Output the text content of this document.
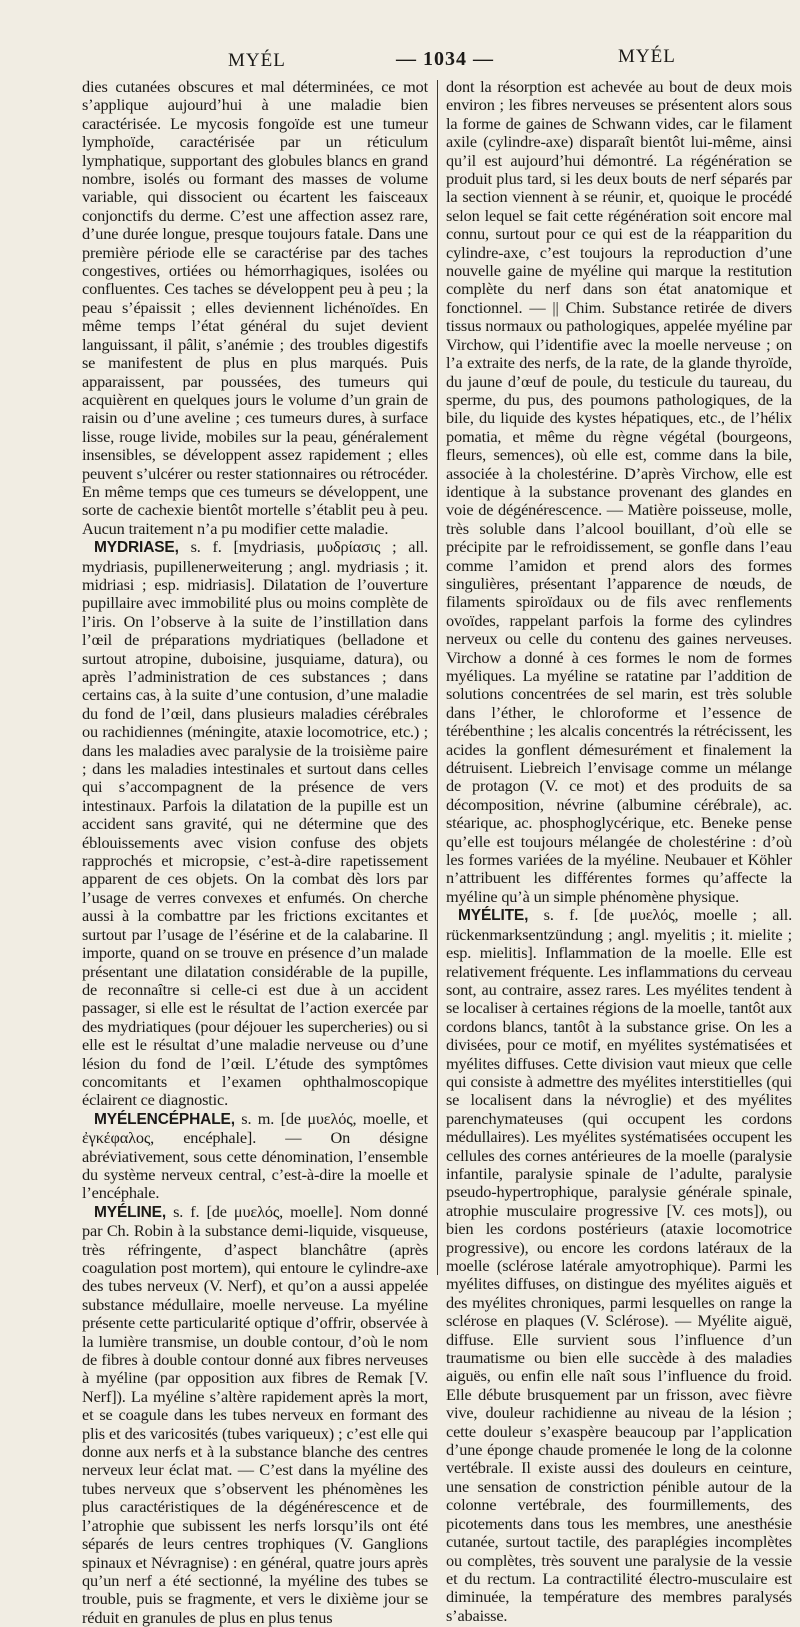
MYÉL	— 1034 —	MYÉL

dies cutanées obscures et mal déterminées, ce mot s’applique aujourd’hui à une maladie bien caractérisée. Le mycosis fongoïde est une tumeur lymphoïde, caractérisée par un réticulum lymphatique, supportant des globules blancs en grand nombre, isolés ou formant des masses de volume variable, qui dissocient ou écartent les faisceaux conjonctifs du derme. C’est une affection assez rare, d’une durée longue, presque toujours fatale. Dans une première période elle se caractérise par des taches congestives, ortiées ou hémorrhagiques, isolées ou confluentes. Ces taches se développent peu à peu ; la peau s’épaissit ; elles deviennent lichénoïdes. En même temps l’état général du sujet devient languissant, il pâlit, s’anémie ; des troubles digestifs se manifestent de plus en plus marqués. Puis apparaissent, par poussées, des tumeurs qui acquièrent en quelques jours le volume d’un grain de raisin ou d’une aveline ; ces tumeurs dures, à surface lisse, rouge livide, mobiles sur la peau, généralement insensibles, se développent assez rapidement ; elles peuvent s’ulcérer ou rester stationnaires ou rétrocéder. En même temps que ces tumeurs se développent, une sorte de cachexie bientôt mortelle s’établit peu à peu. Aucun traitement n’a pu modifier cette maladie.

MYDRIASE, s. f. [mydriasis, μυδρίασις ; all. mydriasis, pupillenerweiterung ; angl. mydriasis ; it. midriasi ; esp. midriasis]. Dilatation de l’ouverture pupillaire avec immobilité plus ou moins complète de l’iris. On l’observe à la suite de l’instillation dans l’œil de préparations mydriatiques (belladone et surtout atropine, duboisine, jusquiame, datura), ou après l’administration de ces substances ; dans certains cas, à la suite d’une contusion, d’une maladie du fond de l’œil, dans plusieurs maladies cérébrales ou rachidiennes (méningite, ataxie locomotrice, etc.) ; dans les maladies avec paralysie de la troisième paire ; dans les maladies intestinales et surtout dans celles qui s’accompagnent de la présence de vers intestinaux. Parfois la dilatation de la pupille est un accident sans gravité, qui ne détermine que des éblouissements avec vision confuse des objets rapprochés et micropsie, c’est-à-dire rapetissement apparent de ces objets. On la combat dès lors par l’usage de verres convexes et enfumés. On cherche aussi à la combattre par les frictions excitantes et surtout par l’usage de l’ésérine et de la calabarine. Il importe, quand on se trouve en présence d’un malade présentant une dilatation considérable de la pupille, de reconnaître si celle-ci est due à un accident passager, si elle est le résultat de l’action exercée par des mydriatiques (pour déjouer les supercheries) ou si elle est le résultat d’une maladie nerveuse ou d’une lésion du fond de l’œil. L’étude des symptômes concomitants et l’examen ophthalmoscopique éclairent ce diagnostic.

MYÉLENCÉPHALE, s. m. [de μυελός, moelle, et ἐγκέφαλος, encéphale]. — On désigne abréviativement, sous cette dénomination, l’ensemble du système nerveux central, c’est-à-dire la moelle et l’encéphale.

MYÉLINE, s. f. [de μυελός, moelle]. Nom donné par Ch. Robin à la substance demi-liquide, visqueuse, très réfringente, d’aspect blanchâtre (après coagulation post mortem), qui entoure le cylindre-axe des tubes nerveux (V. Nerf), et qu’on a aussi appelée substance médullaire, moelle nerveuse. La myéline présente cette particularité optique d’offrir, observée à la lumière transmise, un double contour, d’où le nom de fibres à double contour donné aux fibres nerveuses à myéline (par opposition aux fibres de Remak [V. Nerf]). La myéline s’altère rapidement après la mort, et se coagule dans les tubes nerveux en formant des plis et des varicosités (tubes variqueux) ; c’est elle qui donne aux nerfs et à la substance blanche des centres nerveux leur éclat mat. — C’est dans la myéline des tubes nerveux que s’observent les phénomènes les plus caractéristiques de la dégénérescence et de l’atrophie que subissent les nerfs lorsqu’ils ont été séparés de leurs centres trophiques (V. Ganglions spinaux et Névragnise) : en général, quatre jours après qu’un nerf a été sectionné, la myéline des tubes se trouble, puis se fragmente, et vers le dixième jour se réduit en granules de plus en plus tenus

dont la résorption est achevée au bout de deux mois environ ; les fibres nerveuses se présentent alors sous la forme de gaines de Schwann vides, car le filament axile (cylindre-axe) disparaît bientôt lui-même, ainsi qu’il est aujourd’hui démontré. La régénération se produit plus tard, si les deux bouts de nerf séparés par la section viennent à se réunir, et, quoique le procédé selon lequel se fait cette régénération soit encore mal connu, surtout pour ce qui est de la réapparition du cylindre-axe, c’est toujours la reproduction d’une nouvelle gaine de myéline qui marque la restitution complète du nerf dans son état anatomique et fonctionnel. — || Chim. Substance retirée de divers tissus normaux ou pathologiques, appelée myéline par Virchow, qui l’identifie avec la moelle nerveuse ; on l’a extraite des nerfs, de la rate, de la glande thyroïde, du jaune d’œuf de poule, du testicule du taureau, du sperme, du pus, des poumons pathologiques, de la bile, du liquide des kystes hépatiques, etc., de l’hélix pomatia, et même du règne végétal (bourgeons, fleurs, semences), où elle est, comme dans la bile, associée à la cholestérine. D’après Virchow, elle est identique à la substance provenant des glandes en voie de dégénérescence. — Matière poisseuse, molle, très soluble dans l’alcool bouillant, d’où elle se précipite par le refroidissement, se gonfle dans l’eau comme l’amidon et prend alors des formes singulières, présentant l’apparence de nœuds, de filaments spiroïdaux ou de fils avec renflements ovoïdes, rappelant parfois la forme des cylindres nerveux ou celle du contenu des gaines nerveuses. Virchow a donné à ces formes le nom de formes myéliques. La myéline se ratatine par l’addition de solutions concentrées de sel marin, est très soluble dans l’éther, le chloroforme et l’essence de térébenthine ; les alcalis concentrés la rétrécissent, les acides la gonflent démesurément et finalement la détruisent. Liebreich l’envisage comme un mélange de protagon (V. ce mot) et des produits de sa décomposition, névrine (albumine cérébrale), ac. stéarique, ac. phosphoglycérique, etc. Beneke pense qu’elle est toujours mélangée de cholestérine : d’où les formes variées de la myéline. Neubauer et Köhler n’attribuent les différentes formes qu’affecte la myéline qu’à un simple phénomène physique.

MYÉLITE, s. f. [de μυελός, moelle ; all. rückenmarksentzündung ; angl. myelitis ; it. mielite ; esp. mielitis]. Inflammation de la moelle. Elle est relativement fréquente. Les inflammations du cerveau sont, au contraire, assez rares. Les myélites tendent à se localiser à certaines régions de la moelle, tantôt aux cordons blancs, tantôt à la substance grise. On les a divisées, pour ce motif, en myélites systématisées et myélites diffuses. Cette division vaut mieux que celle qui consiste à admettre des myélites interstitielles (qui se localisent dans la névroglie) et des myélites parenchymateuses (qui occupent les cordons médullaires). Les myélites systématisées occupent les cellules des cornes antérieures de la moelle (paralysie infantile, paralysie spinale de l’adulte, paralysie pseudo-hypertrophique, paralysie générale spinale, atrophie musculaire progressive [V. ces mots]), ou bien les cordons postérieurs (ataxie locomotrice progressive), ou encore les cordons latéraux de la moelle (sclérose latérale amyotrophique). Parmi les myélites diffuses, on distingue des myélites aiguës et des myélites chroniques, parmi lesquelles on range la sclérose en plaques (V. Sclérose). — Myélite aiguë, diffuse. Elle survient sous l’influence d’un traumatisme ou bien elle succède à des maladies aiguës, ou enfin elle naît sous l’influence du froid. Elle débute brusquement par un frisson, avec fièvre vive, douleur rachidienne au niveau de la lésion ; cette douleur s’exaspère beaucoup par l’application d’une éponge chaude promenée le long de la colonne vertébrale. Il existe aussi des douleurs en ceinture, une sensation de constriction pénible autour de la colonne vertébrale, des fourmillements, des picotements dans tous les membres, une anesthésie cutanée, surtout tactile, des paraplégies incomplètes ou complètes, très souvent une paralysie de la vessie et du rectum. La contractilité électro-musculaire est diminuée, la température des membres paralysés s’abaisse.
